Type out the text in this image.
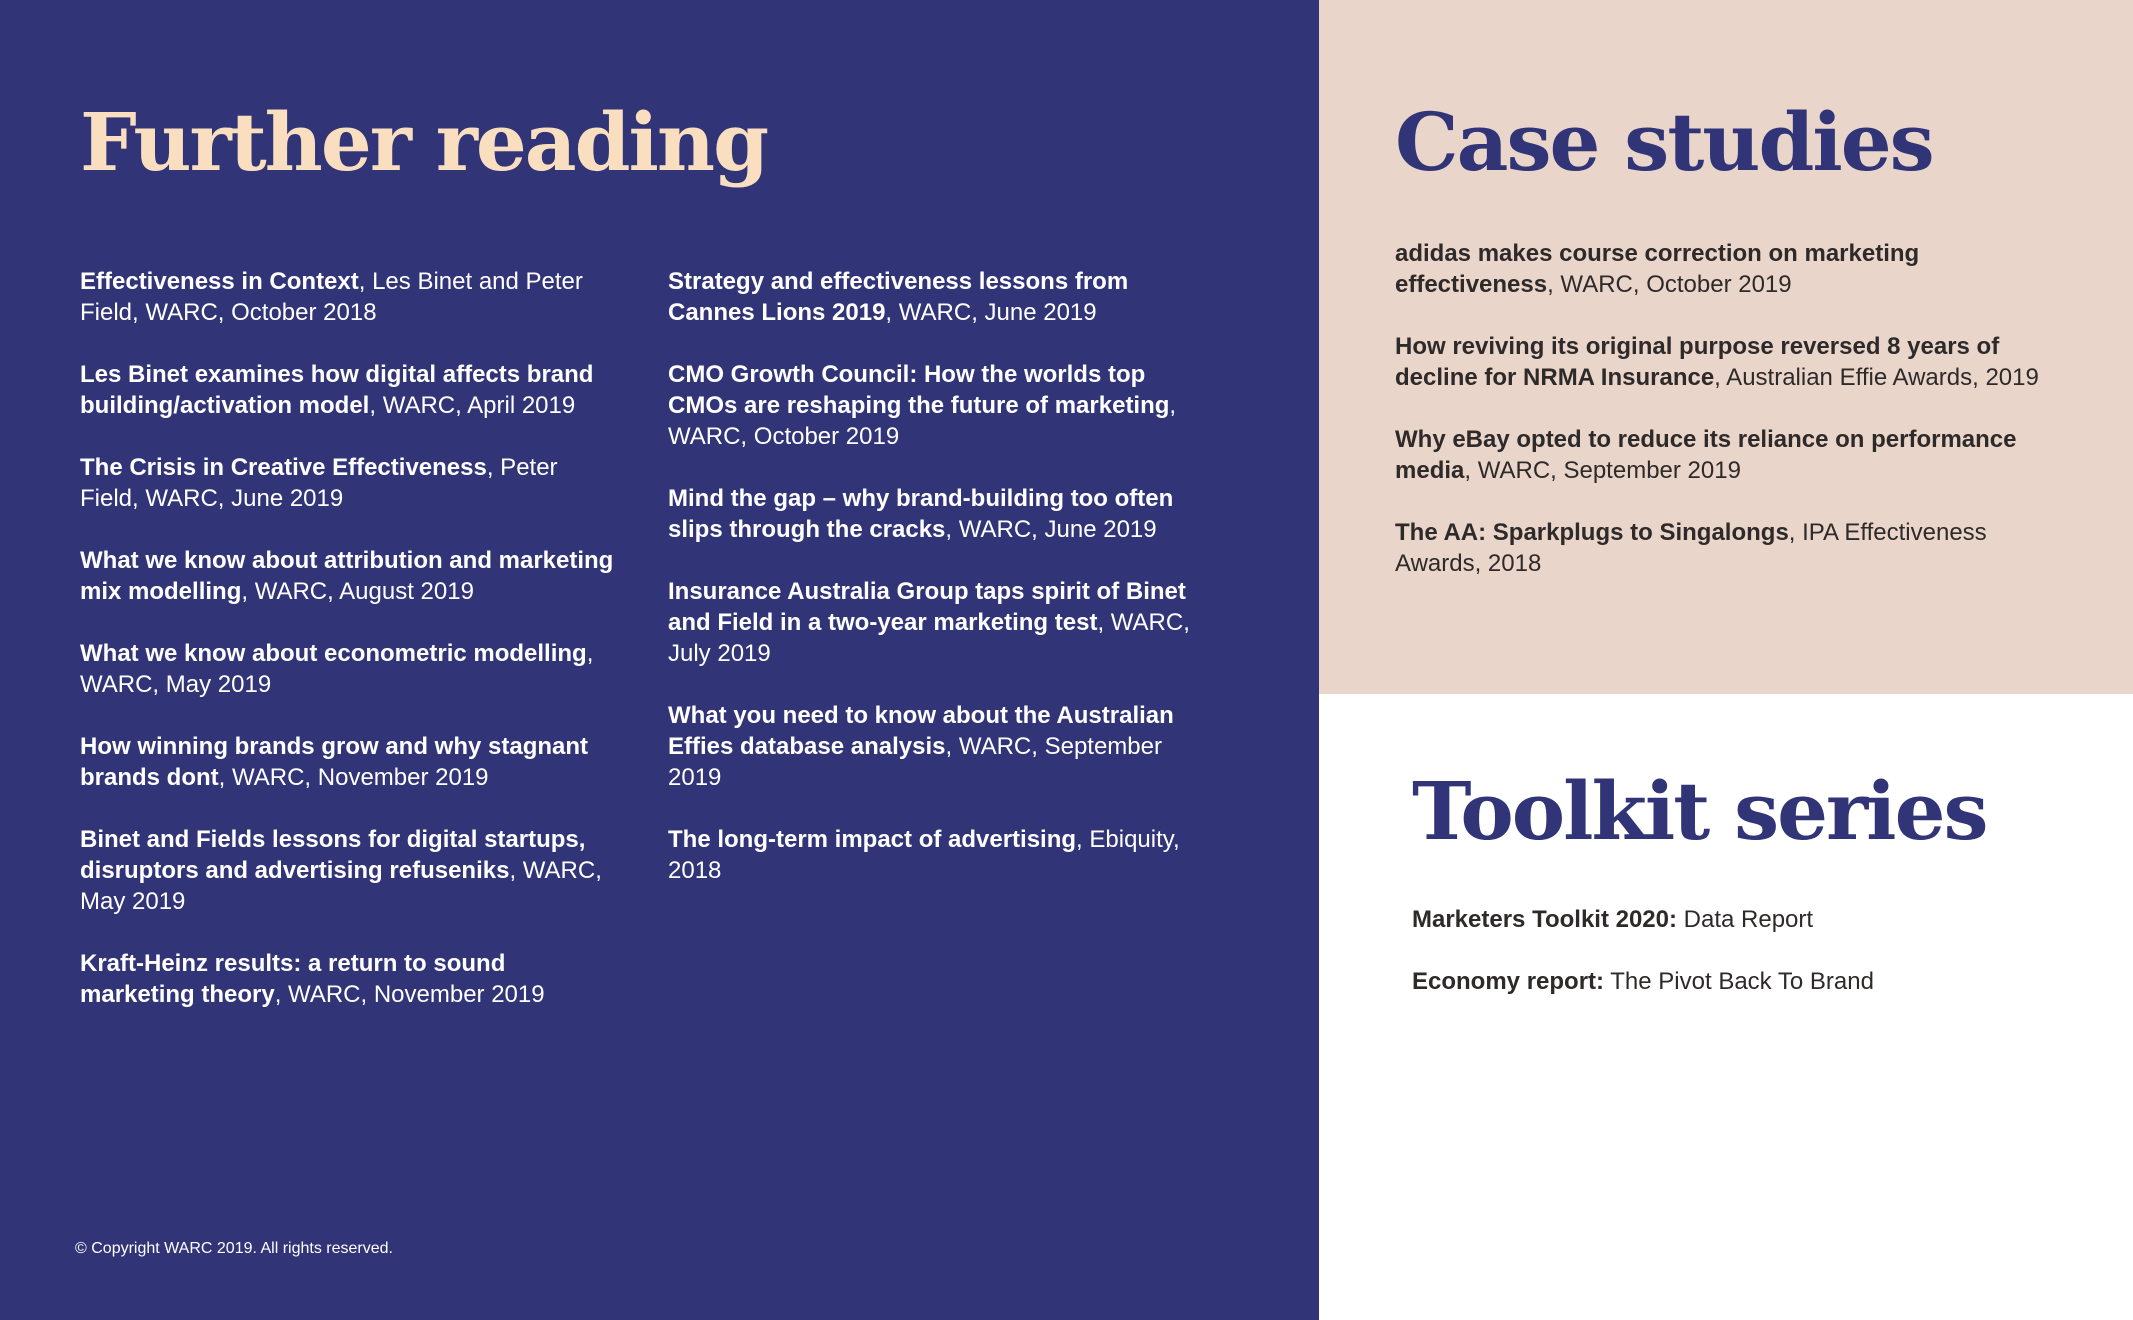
Further reading

Effectiveness in Context, Les Binet and Peter Field, WARC, October 2018

Les Binet examines how digital affects brand building/activation model, WARC, April 2019

The Crisis in Creative Effectiveness, Peter Field, WARC, June 2019

What we know about attribution and marketing mix modelling, WARC, August 2019

What we know about econometric modelling, WARC, May 2019

How winning brands grow and why stagnant brands dont, WARC, November 2019

Binet and Fields lessons for digital startups, disruptors and advertising refuseniks, WARC, May 2019

Kraft-Heinz results: a return to sound marketing theory, WARC, November 2019

Strategy and effectiveness lessons from Cannes Lions 2019, WARC, June 2019

CMO Growth Council: How the worlds top CMOs are reshaping the future of marketing, WARC, October 2019

Mind the gap – why brand-building too often slips through the cracks, WARC, June 2019

Insurance Australia Group taps spirit of Binet and Field in a two-year marketing test, WARC, July 2019

What you need to know about the Australian Effies database analysis, WARC, September 2019

The long-term impact of advertising, Ebiquity, 2018

© Copyright WARC 2019. All rights reserved.
Case studies

adidas makes course correction on marketing effectiveness, WARC, October 2019

How reviving its original purpose reversed 8 years of decline for NRMA Insurance, Australian Effie Awards, 2019

Why eBay opted to reduce its reliance on performance media, WARC, September 2019

The AA: Sparkplugs to Singalongs, IPA Effectiveness Awards, 2018

Toolkit series

Marketers Toolkit 2020: Data Report

Economy report: The Pivot Back To Brand
